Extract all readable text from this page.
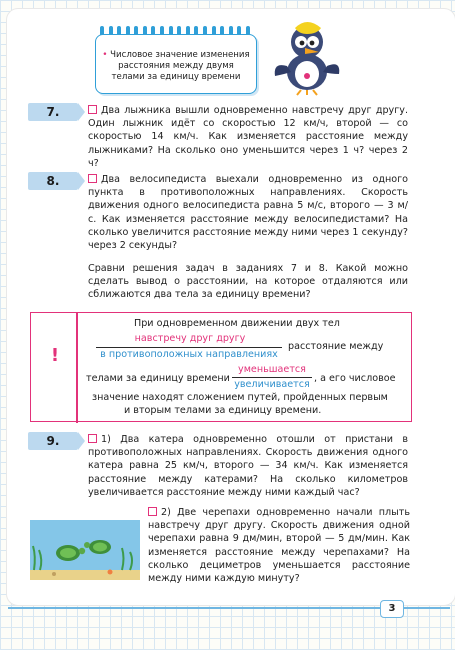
• Числовое значение изменения расстояния между двумя телами за единицу времени
7.	Два лыжника вышли одновременно навстречу друг другу. Один лыжник идёт со скоростью 12 км/ч, второй — со скоростью 14 км/ч. Как изменяется расстояние между лыжниками? На сколько оно уменьшится через 1 ч? через 2 ч?
8.	Два велосипедиста выехали одновременно из одного пункта в противоположных направлениях. Скорость движения одного велосипедиста равна 5 м/с, второго — 3 м/с. Как изменяется расстояние между велосипедистами? На сколько увеличится расстояние между ними через 1 секунду? через 2 секунды?
Сравни решения задач в заданиях 7 и 8. Какой можно сделать вывод о расстоянии, на которое отдаляются или сближаются два тела за единицу времени?
!
При одновременном движении двух тел
навстречу друг другу
в противоположных направлениях
расстояние между
телами за единицу времени
уменьшается
увеличивается
, а его числовое
значение находят сложением путей, пройденных первым
и вторым телами за единицу времени.
9.	1) Два катера одновременно отошли от пристани в противоположных направлениях. Скорость движения одного катера равна 25 км/ч, второго — 34 км/ч. Как изменяется расстояние между катерами? На сколько километров увеличивается расстояние между ними каждый час?
2) Две черепахи одновременно начали плыть навстречу друг другу. Скорость движения одной черепахи равна 9 дм/мин, второй — 5 дм/мин. Как изменяется расстояние между черепахами? На сколько дециметров уменьшается расстояние между ними каждую минуту?
3
